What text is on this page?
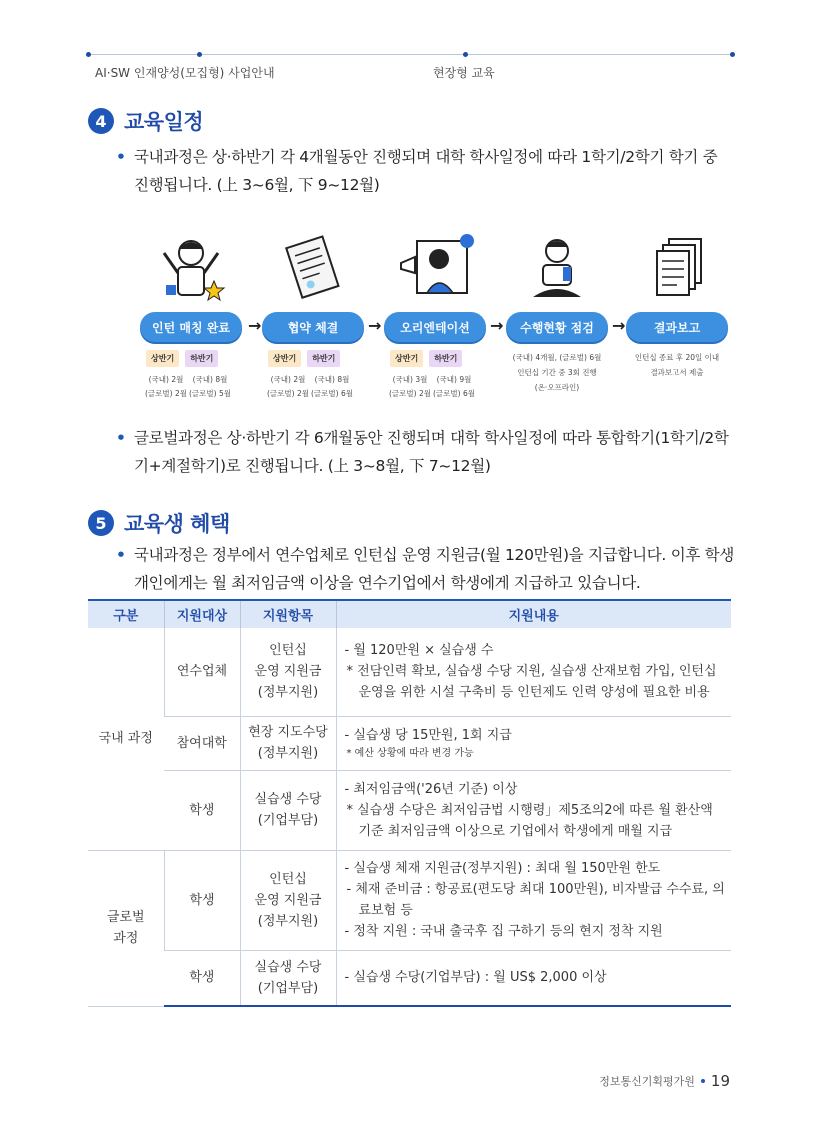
AI·SW 인재양성(모집형) 사업안내	현장형 교육
4 교육일정
• 국내과정은 상·하반기 각 4개월동안 진행되며 대학 학사일정에 따라 1학기/2학기 학기 중 진행됩니다. (上 3~6월, 下 9~12월)
인턴 매칭 완료
상반기	하반기
(국내) 2월	(국내) 8월
(글로벌) 2월 (글로벌) 5월
→	협약 체결
상반기	하반기
(국내) 2월	(국내) 8월
(글로벌) 2월 (글로벌) 6월
→	오리엔테이션
상반기	하반기
(국내) 3월	(국내) 9월
(글로벌) 2월 (글로벌) 6월
→	수행현황 점검
(국내) 4개월, (글로벌) 6월
인턴십 기간 중 3회 진행
(온·오프라인)
→	결과보고
인턴십 종료 후 20일 이내
결과보고서 제출
• 글로벌과정은 상·하반기 각 6개월동안 진행되며 대학 학사일정에 따라 통합학기(1학기/2학기+계절학기)로 진행됩니다. (上 3~8월, 下 7~12월)
5 교육생 혜택
• 국내과정은 정부에서 연수업체로 인턴십 운영 지원금(월 120만원)을 지급합니다. 이후 학생 개인에게는 월 최저임금액 이상을 연수기업에서 학생에게 지급하고 있습니다.
구분	지원대상	지원항목	지원내용
국내 과정	연수업체	인턴십
운영 지원금
(정부지원)	- 월 120만원 × 실습생 수
* 전담인력 확보, 실습생 수당 지원, 실습생 산재보험 가입, 인턴십 운영을 위한 시설 구축비 등 인턴제도 인력 양성에 필요한 비용

	참여대학	현장 지도수당
(정부지원)	- 실습생 당 15만원, 1회 지급
* 예산 상황에 따라 변경 가능

	학생	실습생 수당
(기업부담)	- 최저임금액('26년 기준) 이상
* 실습생 수당은 최저임금법 시행령」제5조의2에 따른 월 환산액 기준 최저임금액 이상으로 기업에서 학생에게 매월 지급

글로벌
과정	학생	인턴십
운영 지원금
(정부지원)	- 실습생 체재 지원금(정부지원) : 최대 월 150만원 한도
- 체재 준비금 : 항공료(편도당 최대 100만원), 비자발급 수수료, 의료보험 등
- 정착 지원 : 국내 출국후 집 구하기 등의 현지 정착 지원

	학생	실습생 수당
(기업부담)	- 실습생 수당(기업부담) : 월 US$ 2,000 이상
정보통신기획평가원 19
